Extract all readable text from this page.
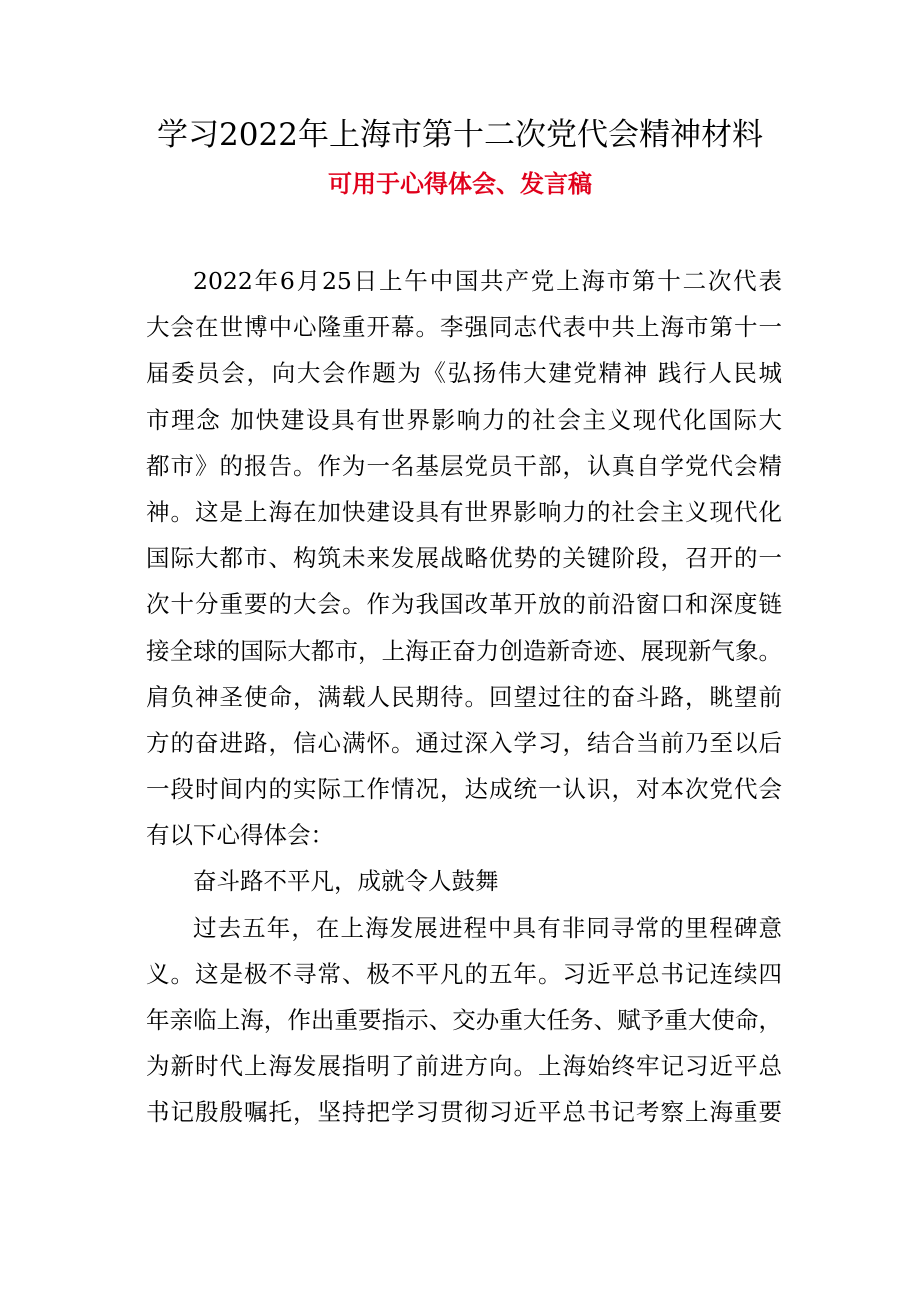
学习2022年上海市第十二次党代会精神材料
可用于心得体会、发言稿
2022年6月25日上午中国共产党上海市第十二次代表
大会在世博中心隆重开幕。李强同志代表中共上海市第十一
届委员会，向大会作题为《弘扬伟大建党精神 践行人民城
市理念 加快建设具有世界影响力的社会主义现代化国际大
都市》的报告。作为一名基层党员干部，认真自学党代会精
神。这是上海在加快建设具有世界影响力的社会主义现代化
国际大都市、构筑未来发展战略优势的关键阶段，召开的一
次十分重要的大会。作为我国改革开放的前沿窗口和深度链
接全球的国际大都市，上海正奋力创造新奇迹、展现新气象。
肩负神圣使命，满载人民期待。回望过往的奋斗路，眺望前
方的奋进路，信心满怀。通过深入学习，结合当前乃至以后
一段时间内的实际工作情况，达成统一认识，对本次党代会
有以下心得体会：
奋斗路不平凡，成就令人鼓舞
过去五年，在上海发展进程中具有非同寻常的里程碑意
义。这是极不寻常、极不平凡的五年。习近平总书记连续四
年亲临上海，作出重要指示、交办重大任务、赋予重大使命，
为新时代上海发展指明了前进方向。上海始终牢记习近平总
书记殷殷嘱托，坚持把学习贯彻习近平总书记考察上海重要
